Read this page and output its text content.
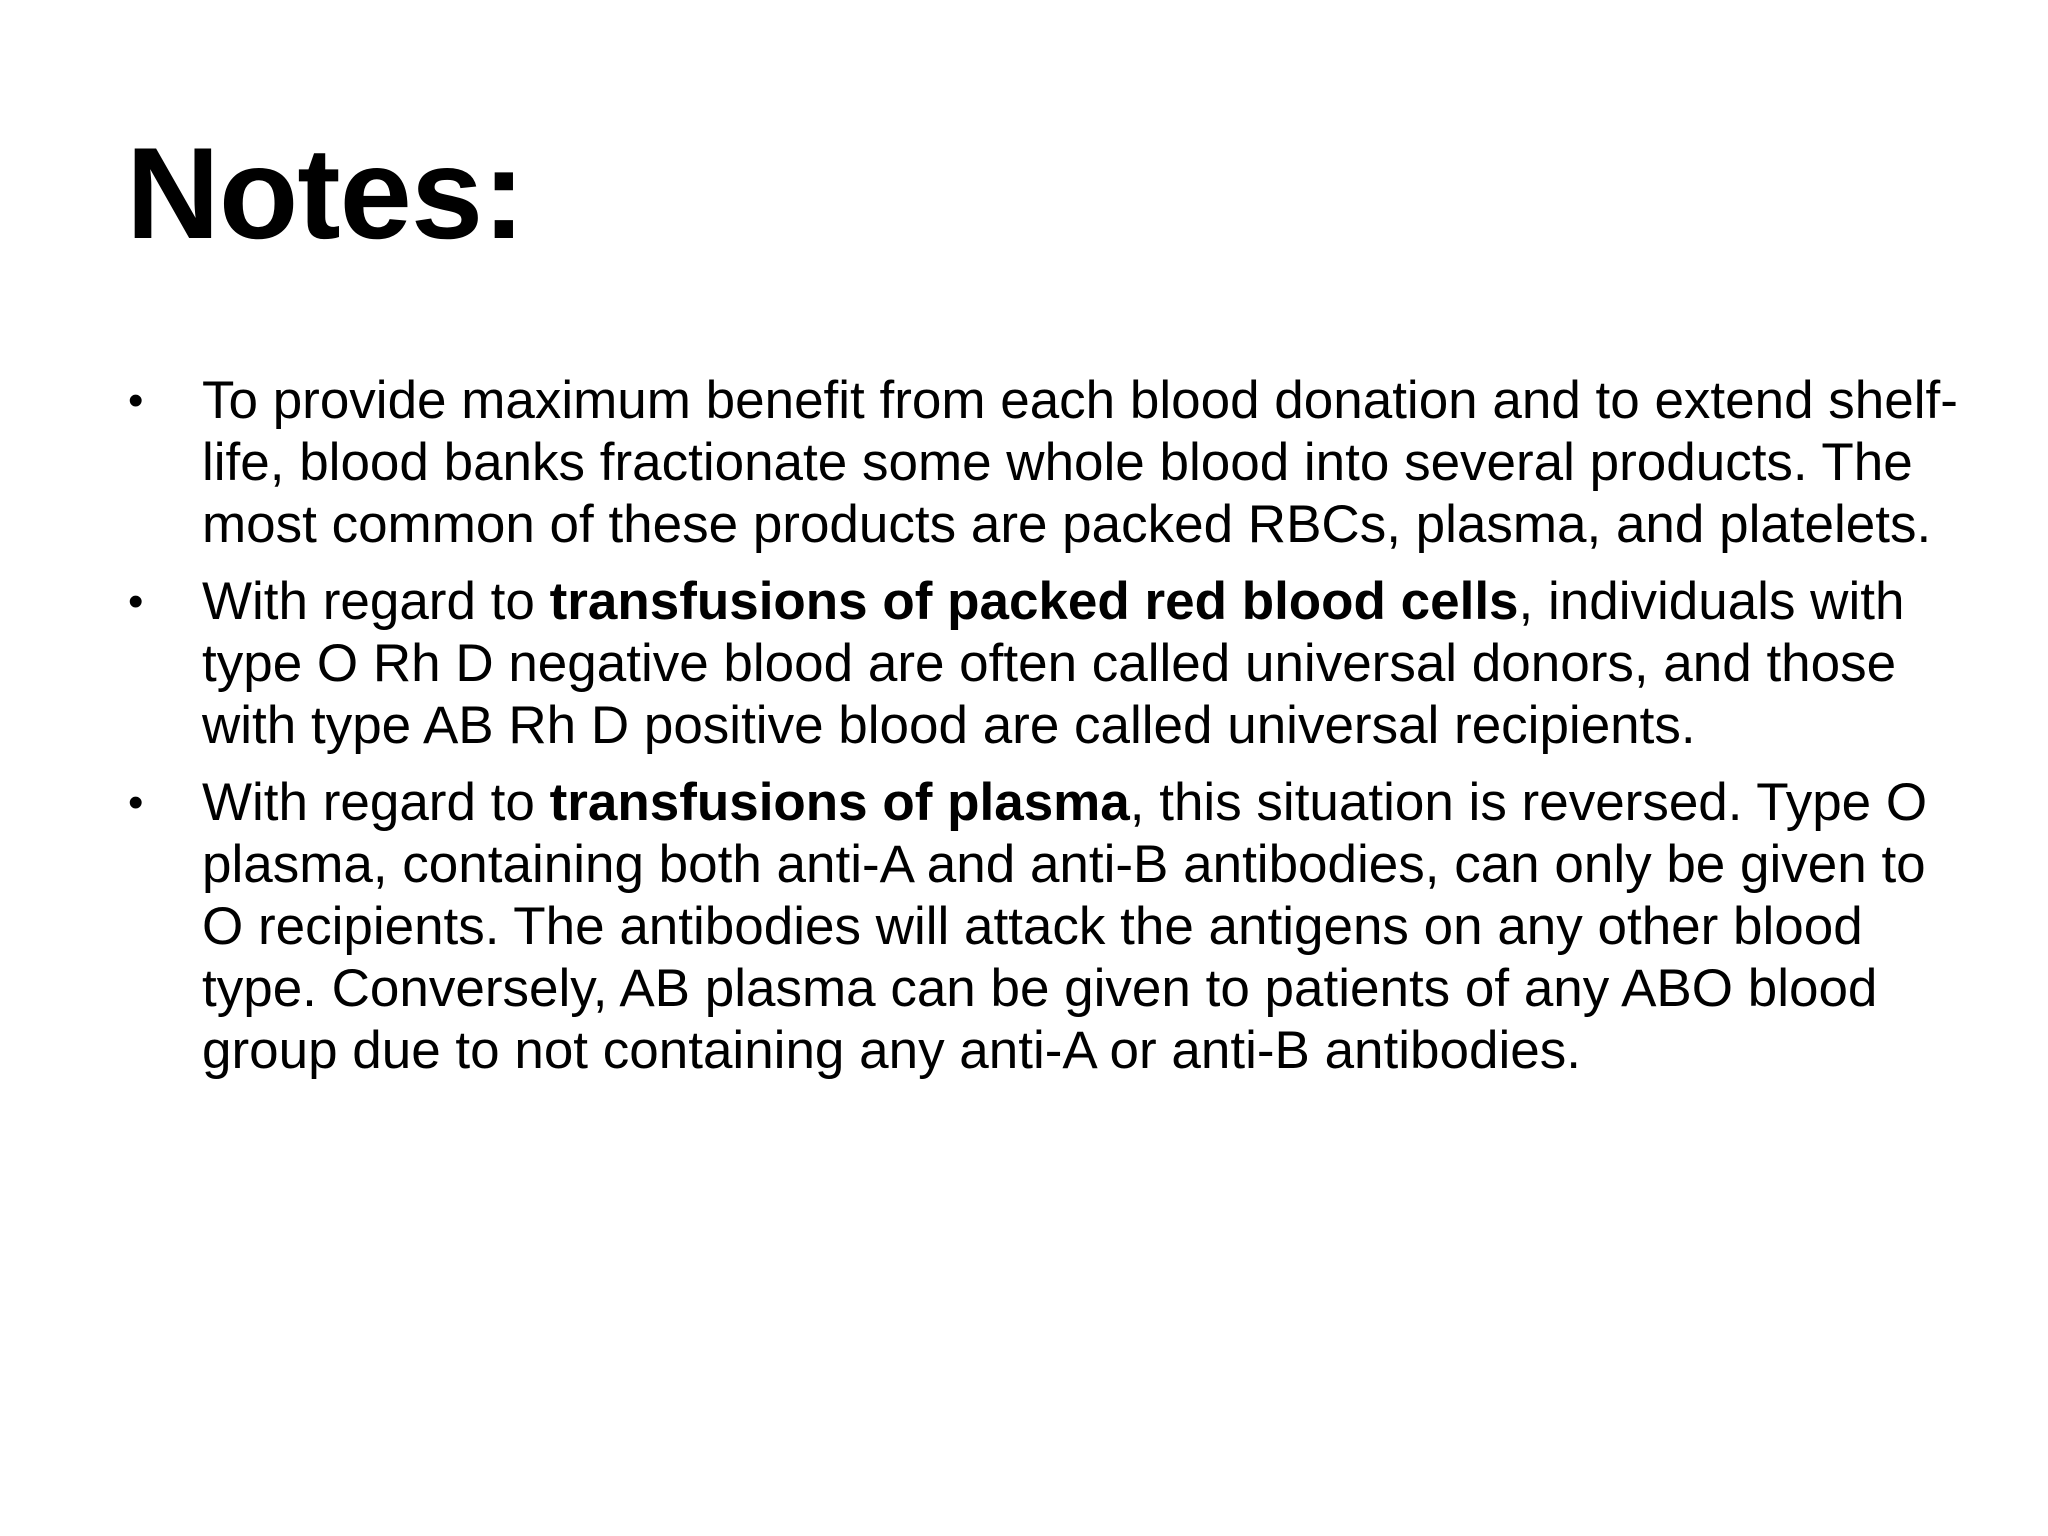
Notes:
•	To provide maximum benefit from each blood donation and to extend shelf-life, blood banks fractionate some whole blood into several products. The most common of these products are packed RBCs, plasma, and platelets.
•	With regard to transfusions of packed red blood cells, individuals with type O Rh D negative blood are often called universal donors, and those with type AB Rh D positive blood are called universal recipients.
•	With regard to transfusions of plasma, this situation is reversed. Type O plasma, containing both anti-A and anti-B antibodies, can only be given to O recipients. The antibodies will attack the antigens on any other blood type. Conversely, AB plasma can be given to patients of any ABO blood group due to not containing any anti-A or anti-B antibodies.
